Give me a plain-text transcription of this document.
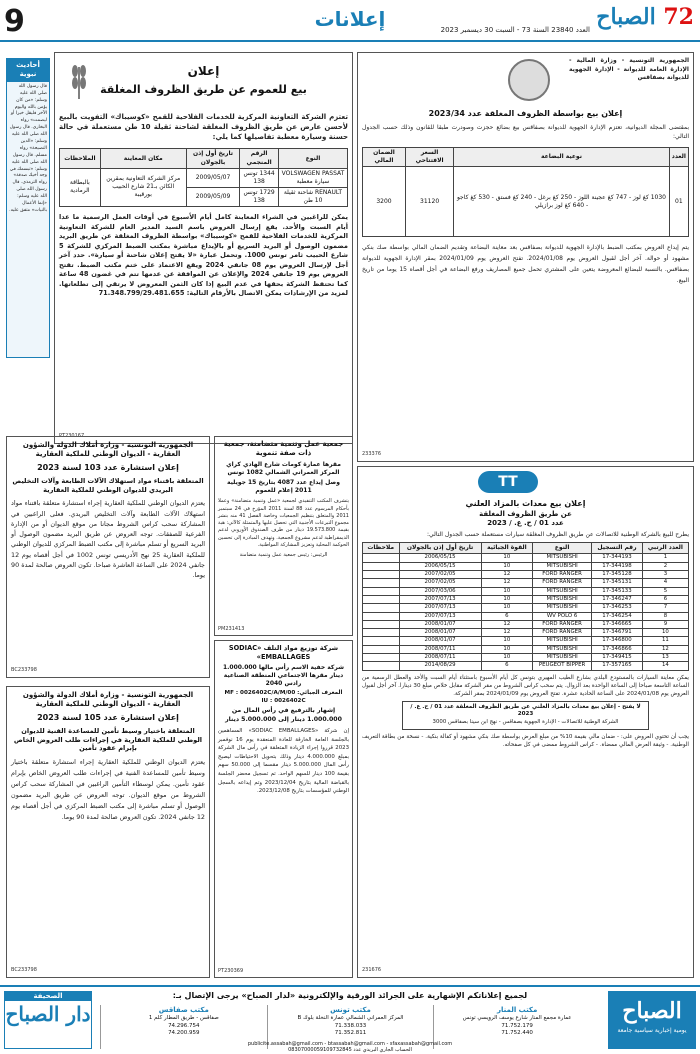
9	إعلانات	72 الصباح
العدد 23840 السنة 73 - السبت 30 ديسمبر 2023
أحاديث نبوية
قال رسول الله صلى الله عليه وسلم: «من كان يؤمن بالله واليوم الآخر فليقل خيرا أو ليصمت» رواه البخاري. قال رسول الله صلى الله عليه وسلم: «الدين النصيحة» رواه مسلم. قال رسول الله صلى الله عليه وسلم: «تبسمك في وجه أخيك صدقة» رواه الترمذي. قال رسول الله صلى الله عليه وسلم: «إنما الأعمال بالنيات» متفق عليه.
إعلان
بيع للعموم عن طريق الظروف المغلقة
تعتزم الشركة التعاونية المركزية للخدمات الفلاحية للقمح «كوسيباك» التفويت بالبيع لأحسن عارض عن طريق الظروف المغلقة لشاحنة ثقيلة 10 طن مستعملة في حالة حسنة وسيارة معطبة تفاصيلها كما يلي:
النوع	الرقم المنجمي	تاريخ أول إذن بالجولان	مكان المعاينة	الملاحظات
VOLSWAGEN PASSAT سيارة معطبة	1344 تونس 138	2009/05/07	مركز الشركة التعاونية بمقرين الكائن بـ21 شارع الحبيب بورقيبة	بالبطاقة الرمادية
RENAULT شاحنة ثقيلة 10 طن	1729 تونس 138	2009/05/09		
يمكن للراغبين في الشراء المعاينة كامل أيام الأسبوع في أوقات العمل الرسمية ما عدا أيام السبت والأحد. يقع إرسال العروض باسم السيد المدير العام للشركة التعاونية المركزية للخدمات الفلاحية للقمح «كوسيباك» بواسطة الظروف المغلقة عن طريق البريد مضمون الوصول أو البريد السريع أو بالإيداع مباشرة بمكتب الضبط المركزي للشركة 5 شارع الحبيب ثامر تونس 1000. وتحمل عبارة «لا يفتح إعلان شاحنة أو سيارة». حدد آخر أجل لإرسال العروض يوم 08 جانفي 2024 ويقع الاعتماد على ختم مكتب الضبط. تفتح العروض يوم 19 جانفي 2024 والإعلان عن الموافقة عن عدمها تتم في غضون 48 ساعة كما تحتفظ الشركة بحقها في عدم البيع إذا كان الثمن المعروض لا يرتقي إلى تطلعاتها. لمزيد من الإرشادات يمكن الاتصال بالأرقام التالية: 71.348.799/29.481.655
PT230167
الجمهورية التونسية - وزارة المالية - الإدارة العامة للديوانة - الإدارة الجهوية للديوانة بصفاقس
إعلان بيع بواسطة الظروف المغلقة عدد 2023/34
بمقتضى المجلة الديوانية، تعتزم الإدارة الجهوية للديوانة بصفاقس بيع بضائع حجزت وصودرت طبقا للقانون وذلك حسب الجدول التالي:
العدد	نوعية البضاعة	السعر الافتتاحي	الضمان المالي
01	1030 كغ لوز - 747 كغ عجينة اللوز - 250 كغ برغل - 240 كغ فستق - 530 كغ كاجو - 640 كغ لوز برازيلي	31120	3200
يتم إيداع العروض بمكتب الضبط بالإدارة الجهوية للديوانة بصفاقس بعد معاينة البضاعة وتقديم الضمان المالي بواسطة صك بنكي مشهود أو حوالة. آخر أجل لقبول العروض يوم 2024/01/08. تفتح العروض يوم 2024/01/09 بمقر الإدارة الجهوية للديوانة بصفاقس. بالنسبة للبضائع المعروضة يتعين على المشتري تحمل جميع المصاريف ورفع البضاعة في أجل أقصاه 15 يوما من تاريخ البيع.
233376
الجمهورية التونسية - وزارة أملاك الدولة والشؤون العقارية - الديوان الوطني للملكية العقارية
إعلان استشارة عدد 103 لسنة 2023
المتعلقة باقتناء مواد استهلاك الآلات الطابعة وآلات التخليص البريدي للديوان الوطني للملكية العقارية
يعتزم الديوان الوطني للملكية العقارية إجراء استشارة متعلقة باقتناء مواد استهلاك الآلات الطابعة وآلات التخليص البريدي. فعلى الراغبين في المشاركة سحب كراس الشروط مجانا من موقع الديوان أو من الإدارة الفرعية للصفقات. توجه العروض عن طريق البريد مضمون الوصول أو البريد السريع أو تسلم مباشرة إلى مكتب الضبط المركزي للديوان الوطني للملكية العقارية 25 نهج الأدريسي تونس 1002 في أجل أقصاه يوم 12 جانفي 2024 على الساعة العاشرة صباحا. تكون العروض صالحة لمدة 90 يوما.
BC233798
الجمهورية التونسية - وزارة أملاك الدولة والشؤون العقارية - الديوان الوطني للملكية العقارية
إعلان استشارة عدد 105 لسنة 2023
المتعلقة باختيار وسيط تأمين للمساعدة الفنية للديوان الوطني للملكية العقارية في إجراءات طلب العروض الخاص بإبرام عقود تأمين
يعتزم الديوان الوطني للملكية العقارية إجراء استشارة متعلقة باختيار وسيط تأمين للمساعدة الفنية في إجراءات طلب العروض الخاص بإبرام عقود تأمين. يمكن لوسطاء التأمين الراغبين في المشاركة سحب كراس الشروط من موقع الديوان. توجه العروض عن طريق البريد مضمون الوصول أو تسلم مباشرة إلى مكتب الضبط المركزي في أجل أقصاه يوم 12 جانفي 2024. تكون العروض صالحة لمدة 90 يوما.
BC233798
جمعية عمل وتنمية متضامنة، جمعية ذات صفة تنموية
مقرها عمارة كومات شارع الهادي كراي المركز العمراني الشمالي 1082 تونس
وصل إيداع عدد 4087 بتاريخ 15 جويلية 2011 إعلام للعموم
يتشرف المكتب التنفيذي لجمعية «عمل وتنمية متضامنة» وعملا بأحكام المرسوم عدد 88 لسنة 2011 المؤرخ في 24 سبتمبر 2011 والمتعلق بتنظيم الجمعيات وخاصة الفصل 41 منه بنشر مجموع التبرعات الأجنبية التي تحصل عليها والمتمثلة كالآتي: هبة بقيمة 19.573.800 دينار من طرف الصندوق الأوروبي لدعم الديمقراطية لدعم مشروع الجمعية. وتهدف المبادرة إلى تحسين الحوكمة المحلية وتعزيز المشاركة المواطنية.
الرئيس: رئيس جمعية عمل وتنمية متضامنة
PM231413
شركة توزيع مواد التلف «SODIAC EMBALLAGES»
شركة خفية الاسم رأس مالها 1.000.000 دينار مقرها الاجتماعي المنطقة الصناعية رادس 2040
المعرف الجبائي: MF : 0026402C/A/M/00
IU : 0026402C
إشهار بالترفيع في رأس المال من 1.000.000 دينار إلى 5.000.000 دينار
إن شركة «SODIAC EMBALLAGES» المساهمين بالجلسة العامة الخارقة للعادة المنعقدة يوم 16 نوفمبر 2023 قرروا إجراء الزيادة المتعلقة في رأس مال الشركة بمبلغ 4.000.000 دينار وذلك بتحويل الاحتياطات ليصبح رأس المال 5.000.000 دينار مقسما إلى 50.000 سهم بقيمة 100 دينار للسهم الواحد. تم تسجيل محضر الجلسة بالقباضة المالية بتاريخ 2023/12/04 وتم إيداعه بالسجل الوطني للمؤسسات بتاريخ 2023/12/08.
PT230369
TT
إعلان بيع معدات بالمزاد العلني
عن طريق الظروف المغلقة
عدد 01 / ح. ع. / 2023
يطرح للبيع بالشركة الوطنية للاتصالات عن طريق الظروف المغلقة سيارات مستعملة حسب الجدول التالي:
العدد الرتبي	رقم التسجيل	النوع	القوة الجبائية	تاريخ أول إذن بالجولان	ملاحظات
1	17-344193	MITSUBISHI	10	2006/05/15	
2	17-344198	MITSUBISHI	10	2006/05/15	
3	17-345128	FORD RANGER	12	2007/02/05	
4	17-345131	FORD RANGER	12	2007/02/05	
5	17-345133	MITSUBISHI	10	2007/03/06	
6	17-346247	MITSUBISHI	10	2007/07/13	
7	17-346253	MITSUBISHI	10	2007/07/13	
8	17-346254	WV POLO 6	6	2007/07/13	
9	17-346665	FORD RANGER	12	2008/01/07	
10	17-346791	FORD RANGER	12	2008/01/07	
11	17-346800	MITSUBISHI	10	2008/01/07	
12	17-346866	MITSUBISHI	10	2008/07/11	
13	17-349415	MITSUBISHI	10	2008/07/11	
14	17-357165	PEUGEOT BIPPER	6	2014/08/29	
يمكن معاينة السيارات بالمستودع البلدي بشارع الطيب المهيري بتونس كل أيام الأسبوع باستثناء أيام السبت والأحد والعطل الرسمية من الساعة التاسعة صباحا إلى الساعة الواحدة بعد الزوال. يتم سحب كراس الشروط من مقر الشركة مقابل خلاص مبلغ 30 دينارا. آخر أجل لقبول العروض يوم 2024/01/08 على الساعة الحادية عشرة. تفتح العروض يوم 2024/01/09 بمقر الشركة.
لا يفتح - إعلان بيع معدات بالمزاد العلني عن طريق الظروف المغلقة عدد 01 / ح. ع. / 2023
الشركة الوطنية للاتصالات - الإدارة الجهوية بصفاقس - نهج ابن سينا بصفاقس 3000
يجب أن تحتوي العروض على: - ضمان مالي بقيمة 10% من مبلغ العرض بواسطة صك بنكي مشهود أو كفالة بنكية. - نسخة من بطاقة التعريف الوطنية. - وثيقة العرض المالي ممضاة. - كراس الشروط ممضى في كل صفحاته.
231676
الصباح
يومية إخبارية سياسية جامعة
لجميع إعلاناتكم الإشهارية على الجرائد الورقية والإلكترونية «لدار الصباح» يرجى الإتصال بـ:
مكتب المنار
عمارة مجمع المنار شارع يوسف الرويسي تونس
71.752.179
71.752.440
مكتب تونس
المركز العمراني الشمالي عمارة النخلة بلوك B
71.338.033
71.352.811
مكتب صفاقس
صفاقس - طريق المطار كلم 1
74.296.754
74.200.959
publicite.assabah@gmail.com - btassabah@gmail.com - sfaxassabah@gmail.com
الحساب الجاري البريدي عدد 08307000059109732845
الصحيفة
دار الصباح
